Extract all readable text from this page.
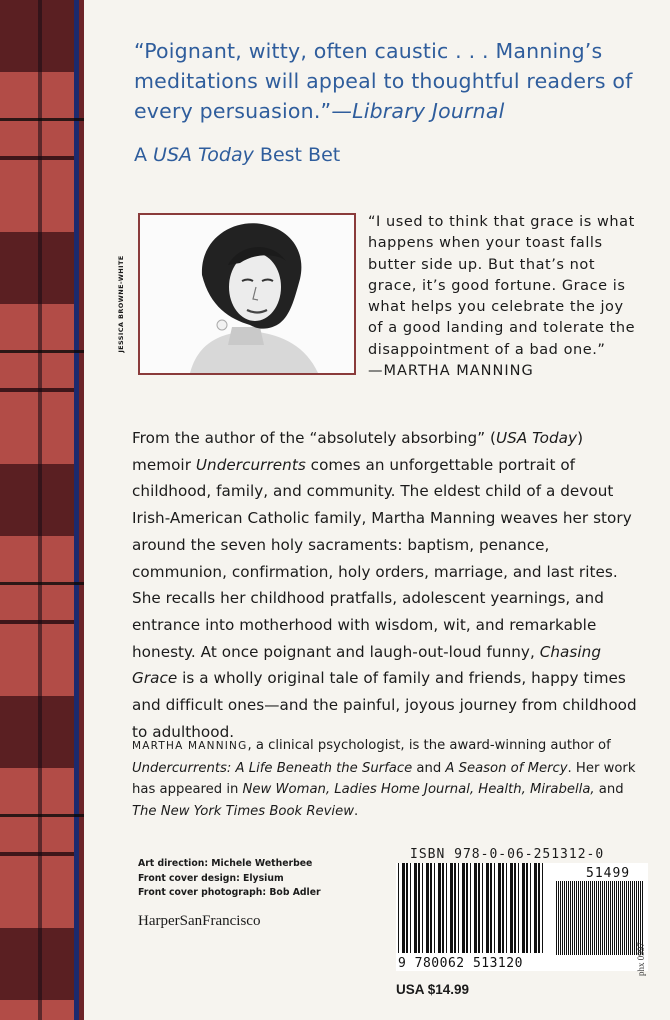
“Poignant, witty, often caustic . . . Manning’s meditations will appeal to thoughtful readers of every persuasion.”—Library Journal
A USA Today Best Bet
JESSICA BROWNE-WHITE
“I used to think that grace is what happens when your toast falls butter side up. But that’s not grace, it’s good fortune. Grace is what helps you celebrate the joy of a good landing and tolerate the disappointment of a bad one.”
—MARTHA MANNING
From the author of the “absolutely absorbing” (USA Today) memoir Undercurrents comes an unforgettable portrait of childhood, family, and community. The eldest child of a devout Irish-American Catholic family, Martha Manning weaves her story around the seven holy sacraments: baptism, penance, communion, confirmation, holy orders, marriage, and last rites. She recalls her childhood pratfalls, adolescent yearnings, and entrance into motherhood with wisdom, wit, and remarkable honesty. At once poignant and laugh-out-loud funny, Chasing Grace is a wholly original tale of family and friends, happy times and difficult ones—and the painful, joyous journey from childhood to adulthood.
MARTHA MANNING, a clinical psychologist, is the award-winning author of Undercurrents: A Life Beneath the Surface and A Season of Mercy. Her work has appeared in New Woman, Ladies Home Journal, Health, Mirabella, and The New York Times Book Review.
Art direction: Michele Wetherbee
Front cover design: Elysium
Front cover photograph: Bob Adler
HarperSanFrancisco
ISBN 978-0-06-251312-0
51499
9 780062 513120
USA $14.99
phx 0997
